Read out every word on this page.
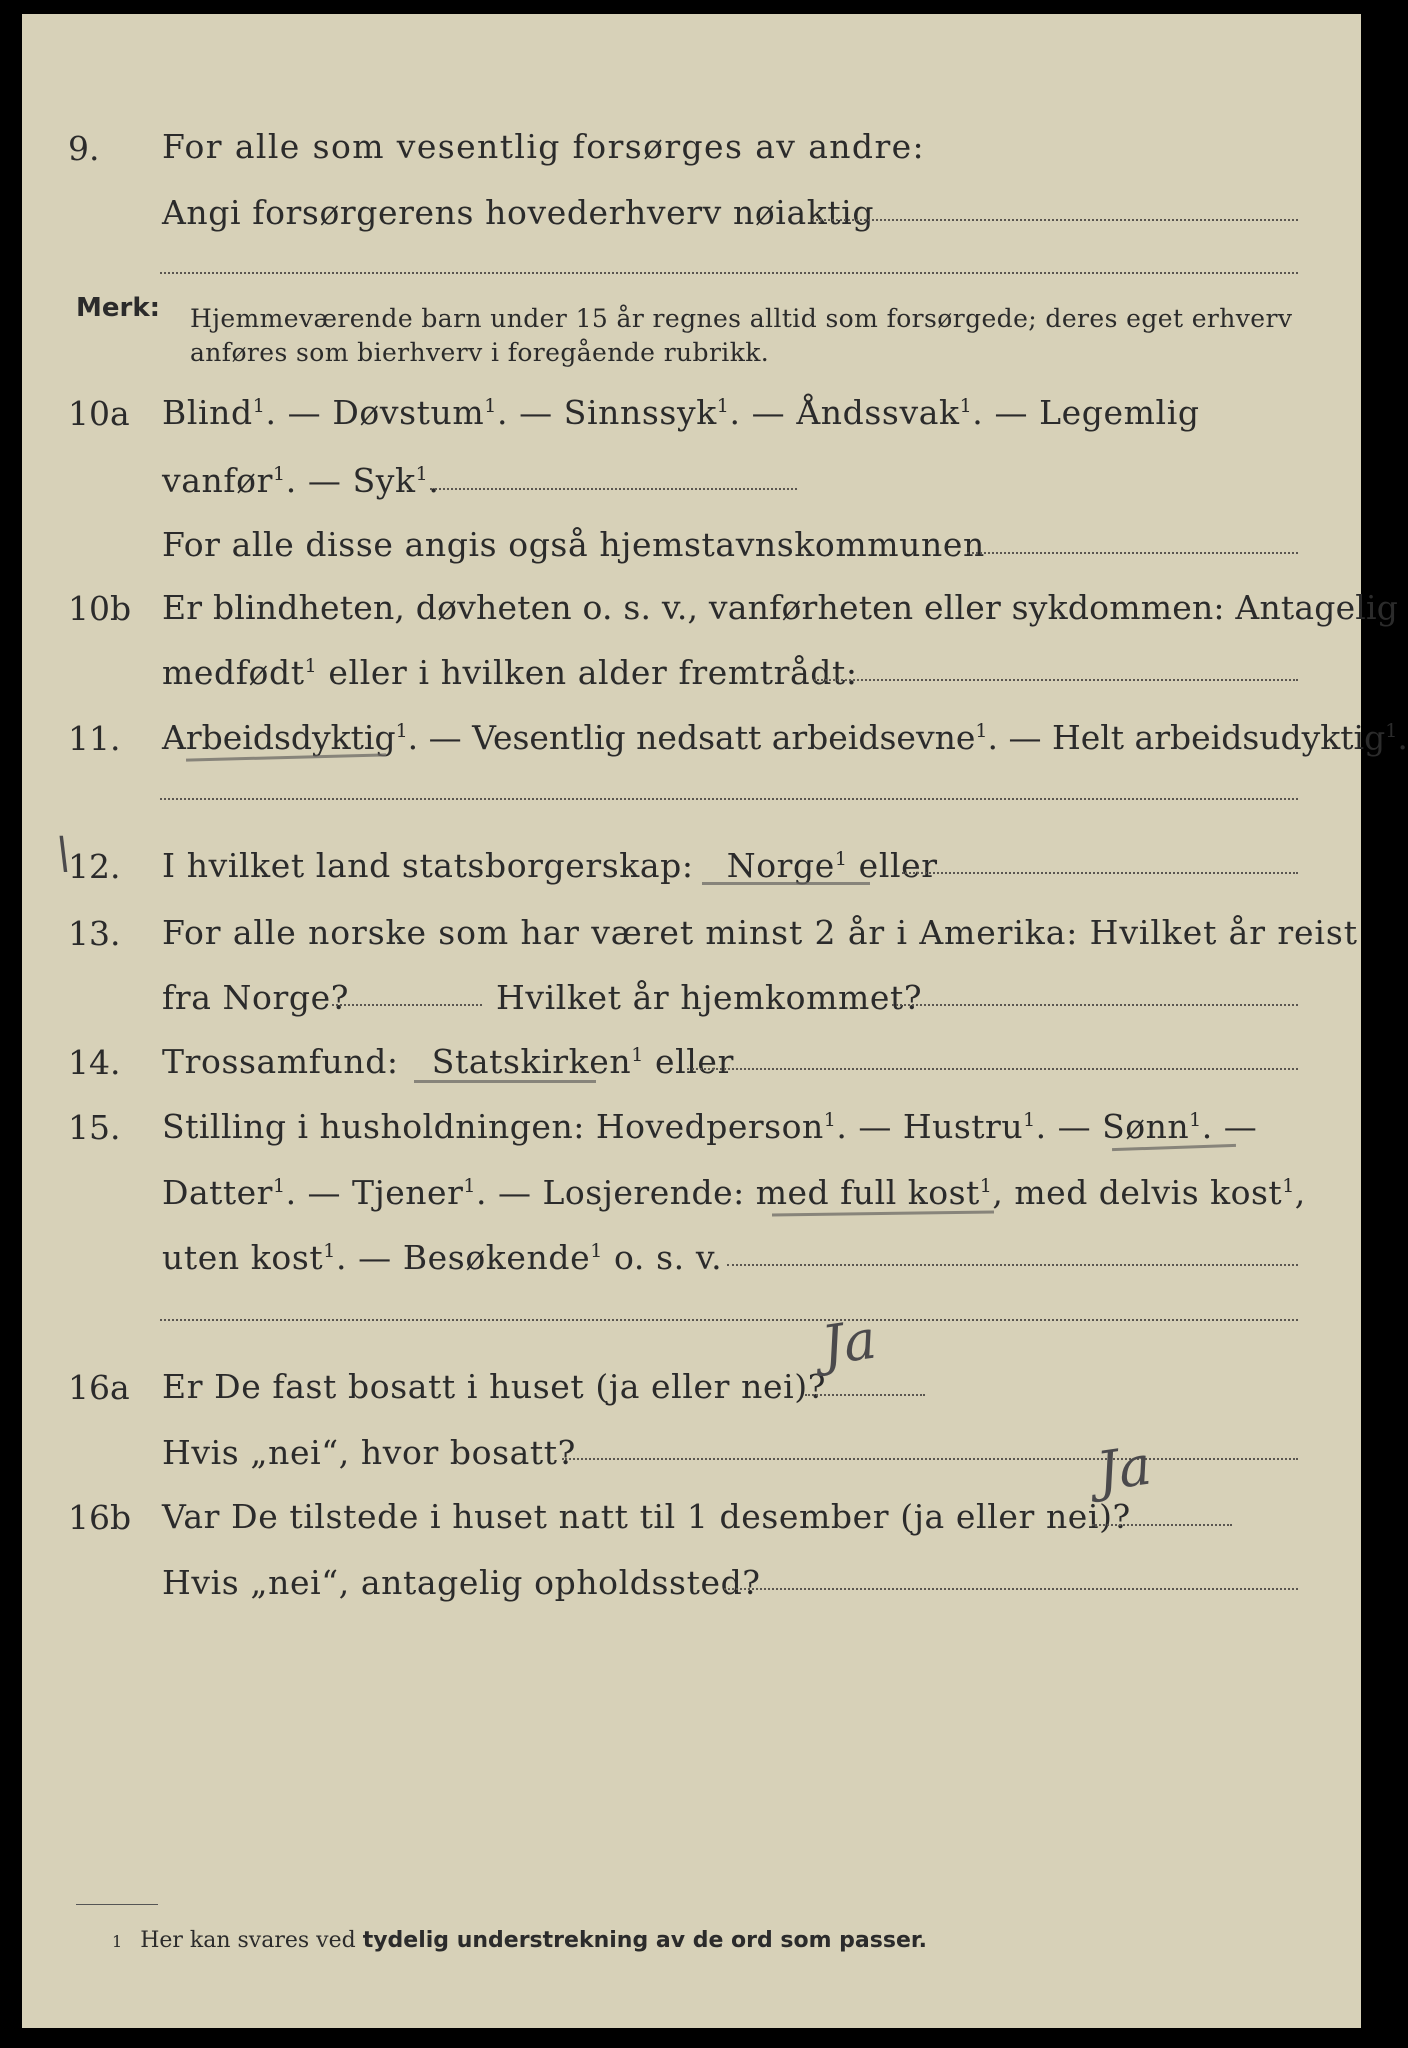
9. For alle som vesentlig forsørges av andre:
Angi forsørgerens hovederhverv nøiaktig
Merk: Hjemmeværende barn under 15 år regnes alltid som forsørgede; deres eget erhverv
anføres som bierhverv i foregående rubrikk.
10a Blind$^1$. — Døvstum$^1$. — Sinnssyk$^1$. — Åndssvak$^1$. — Legemlig
vanfør$^1$. — Syk$^1$.
For alle disse angis også hjemstavnskommunen
10b Er blindheten, døvheten o. s. v., vanførheten eller sykdommen: Antagelig
medfødt$^1$ eller i hvilken alder fremtrådt:
11. Arbeidsdyktig$^1$. — Vesentlig nedsatt arbeidsevne$^1$. — Helt arbeidsudyktig$^1$.
\
12. I hvilket land statsborgerskap: Norge$^1$ eller
13. For alle norske som har været minst 2 år i Amerika: Hvilket år reist
fra Norge?	Hvilket år hjemkommet?
14. Trossamfund: Statskirken$^1$ eller
15. Stilling i husholdningen: Hovedperson$^1$. — Hustru$^1$. — Sønn$^1$. —
Datter$^1$. — Tjener$^1$. — Losjerende: med full kost$^1$, med delvis kost$^1$,
uten kost$^1$. — Besøkende$^1$ o. s. v.
16a Er De fast bosatt i huset (ja eller nei)?
Ja
Hvis „nei“, hvor bosatt?
16b Var De tilstede i huset natt til 1 desember (ja eller nei)?
Ja
Hvis „nei“, antagelig opholdssted?
1 Her kan svares ved tydelig understrekning av de ord som passer.
